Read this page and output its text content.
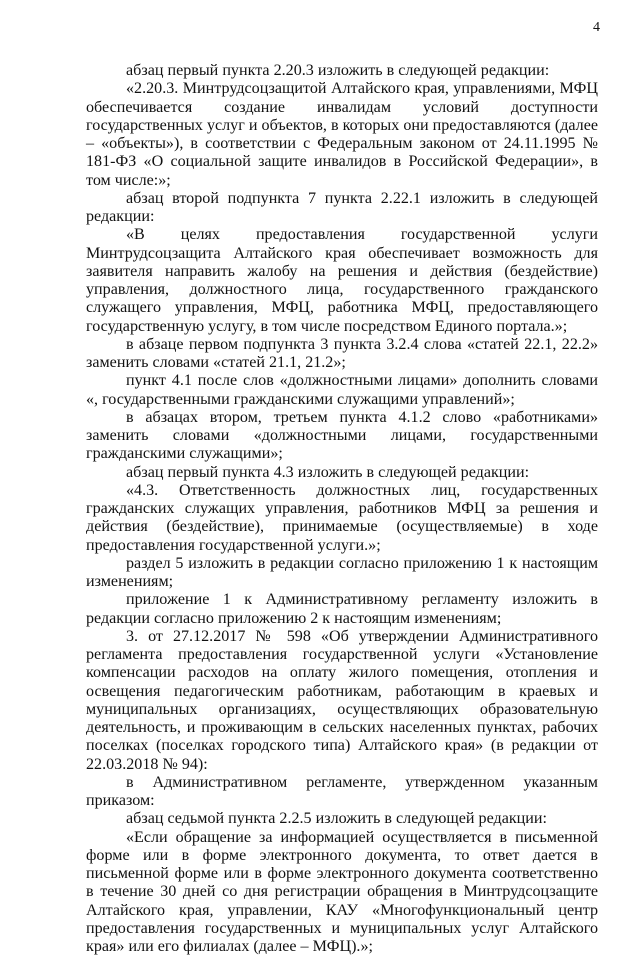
4

абзац первый пункта 2.20.3 изложить в следующей редакции:

«2.20.3. Минтрудсоцзащитой Алтайского края, управлениями, МФЦ обеспечивается создание инвалидам условий доступности государственных услуг и объектов, в которых они предоставляются (далее – «объекты»), в соответствии с Федеральным законом от 24.11.1995 № 181-ФЗ «О социальной защите инвалидов в Российской Федерации», в том числе:»;

абзац второй подпункта 7 пункта 2.22.1 изложить в следующей редакции:

«В целях предоставления государственной услуги Минтрудсоцзащита Алтайского края обеспечивает возможность для заявителя направить жалобу на решения и действия (бездействие) управления, должностного лица, государственного гражданского служащего управления, МФЦ, работника МФЦ, предоставляющего государственную услугу, в том числе посредством Единого портала.»;

в абзаце первом подпункта 3 пункта 3.2.4 слова «статей 22.1, 22.2» заменить словами «статей 21.1, 21.2»;

пункт 4.1 после слов «должностными лицами» дополнить словами «, государственными гражданскими служащими управлений»;

в абзацах втором, третьем пункта 4.1.2 слово «работниками» заменить словами «должностными лицами, государственными гражданскими служащими»;

абзац первый пункта 4.3 изложить в следующей редакции:

«4.3. Ответственность должностных лиц, государственных гражданских служащих управления, работников МФЦ за решения и действия (бездействие), принимаемые (осуществляемые) в ходе предоставления государственной услуги.»;

раздел 5 изложить в редакции согласно приложению 1 к настоящим изменениям;

приложение 1 к Административному регламенту изложить в редакции согласно приложению 2 к настоящим изменениям;

3. от 27.12.2017 № 598 «Об утверждении Административного регламента предоставления государственной услуги «Установление компенсации расходов на оплату жилого помещения, отопления и освещения педагогическим работникам, работающим в краевых и муниципальных организациях, осуществляющих образовательную деятельность, и проживающим в сельских населенных пунктах, рабочих поселках (поселках городского типа) Алтайского края» (в редакции от 22.03.2018 № 94):

в Административном регламенте, утвержденном указанным приказом:

абзац седьмой пункта 2.2.5 изложить в следующей редакции:

«Если обращение за информацией осуществляется в письменной форме или в форме электронного документа, то ответ дается в письменной форме или в форме электронного документа соответственно в течение 30 дней со дня регистрации обращения в Минтрудсоцзащите Алтайского края, управлении, КАУ «Многофункциональный центр предоставления государственных и муниципальных услуг Алтайского края» или его филиалах (далее – МФЦ).»;
